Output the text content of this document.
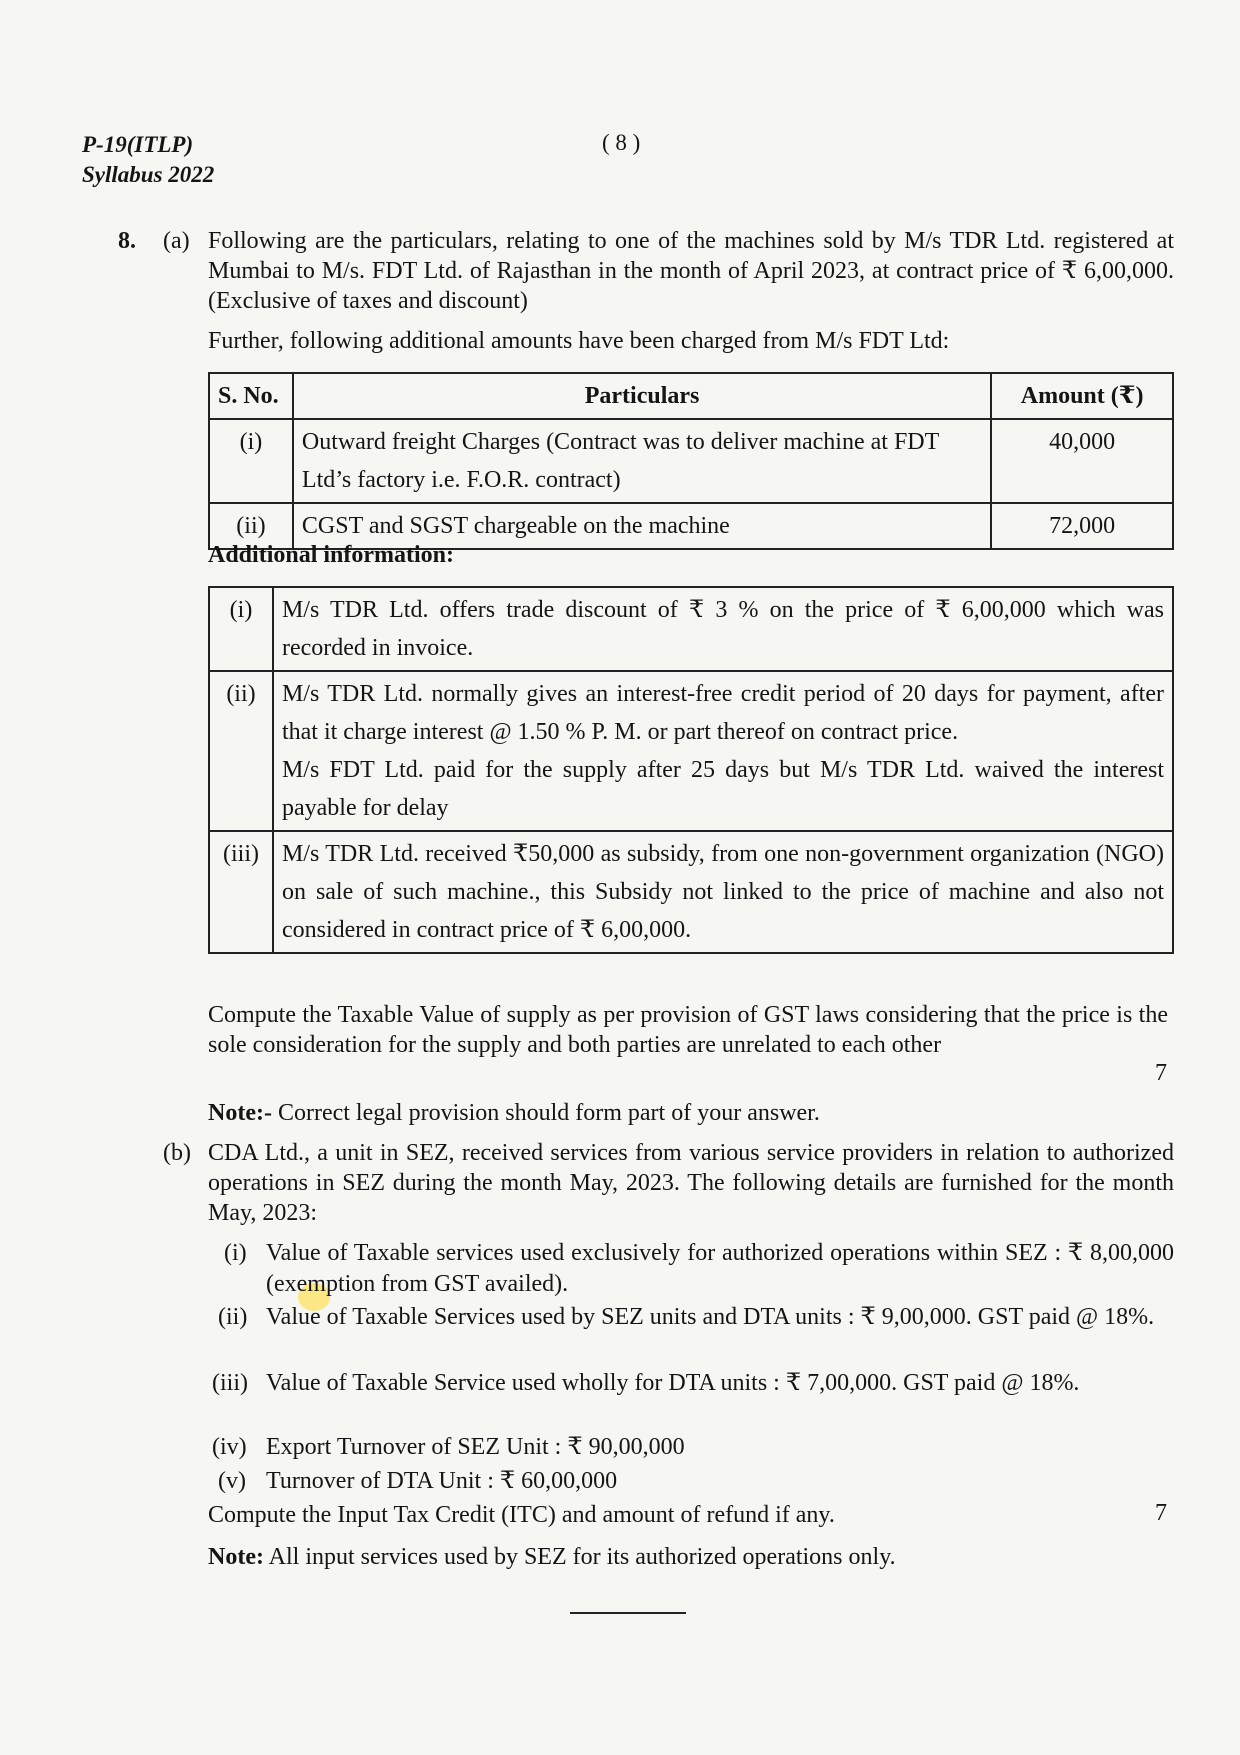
P-19(ITLP)
Syllabus 2022
( 8 )
8. (a) Following are the particulars, relating to one of the machines sold by M/s TDR Ltd. registered at Mumbai to M/s. FDT Ltd. of Rajasthan in the month of April 2023, at contract price of ₹ 6,00,000. (Exclusive of taxes and discount)
Further, following additional amounts have been charged from M/s FDT Ltd:
S. No.	Particulars	Amount (₹)
(i)	Outward freight Charges (Contract was to deliver machine at FDT Ltd’s factory i.e. F.O.R. contract)	40,000
(ii)	CGST and SGST chargeable on the machine	72,000
Additional information:
(i)	M/s TDR Ltd. offers trade discount of ₹ 3 % on the price of ₹ 6,00,000 which was recorded in invoice.
(ii)	M/s TDR Ltd. normally gives an interest-free credit period of 20 days for payment, after that it charge interest @ 1.50 % P. M. or part thereof on contract price.
M/s FDT Ltd. paid for the supply after 25 days but M/s TDR Ltd. waived the interest payable for delay

(iii)	M/s TDR Ltd. received ₹50,000 as subsidy, from one non-government organization (NGO) on sale of such machine., this Subsidy not linked to the price of machine and also not considered in contract price of ₹ 6,00,000.
Compute the Taxable Value of supply as per provision of GST laws considering that the price is the sole consideration for the supply and both parties are unrelated to each other
7
Note:- Correct legal provision should form part of your answer.
(b) CDA Ltd., a unit in SEZ, received services from various service providers in relation to authorized operations in SEZ during the month May, 2023. The following details are furnished for the month May, 2023:
(i) Value of Taxable services used exclusively for authorized operations within SEZ : ₹ 8,00,000 (exemption from GST availed).
(ii) Value of Taxable Services used by SEZ units and DTA units : ₹ 9,00,000. GST paid @ 18%.
(iii) Value of Taxable Service used wholly for DTA units : ₹ 7,00,000. GST paid @ 18%.
(iv) Export Turnover of SEZ Unit : ₹ 90,00,000
(v) Turnover of DTA Unit : ₹ 60,00,000
Compute the Input Tax Credit (ITC) and amount of refund if any.	7
Note: All input services used by SEZ for its authorized operations only.
